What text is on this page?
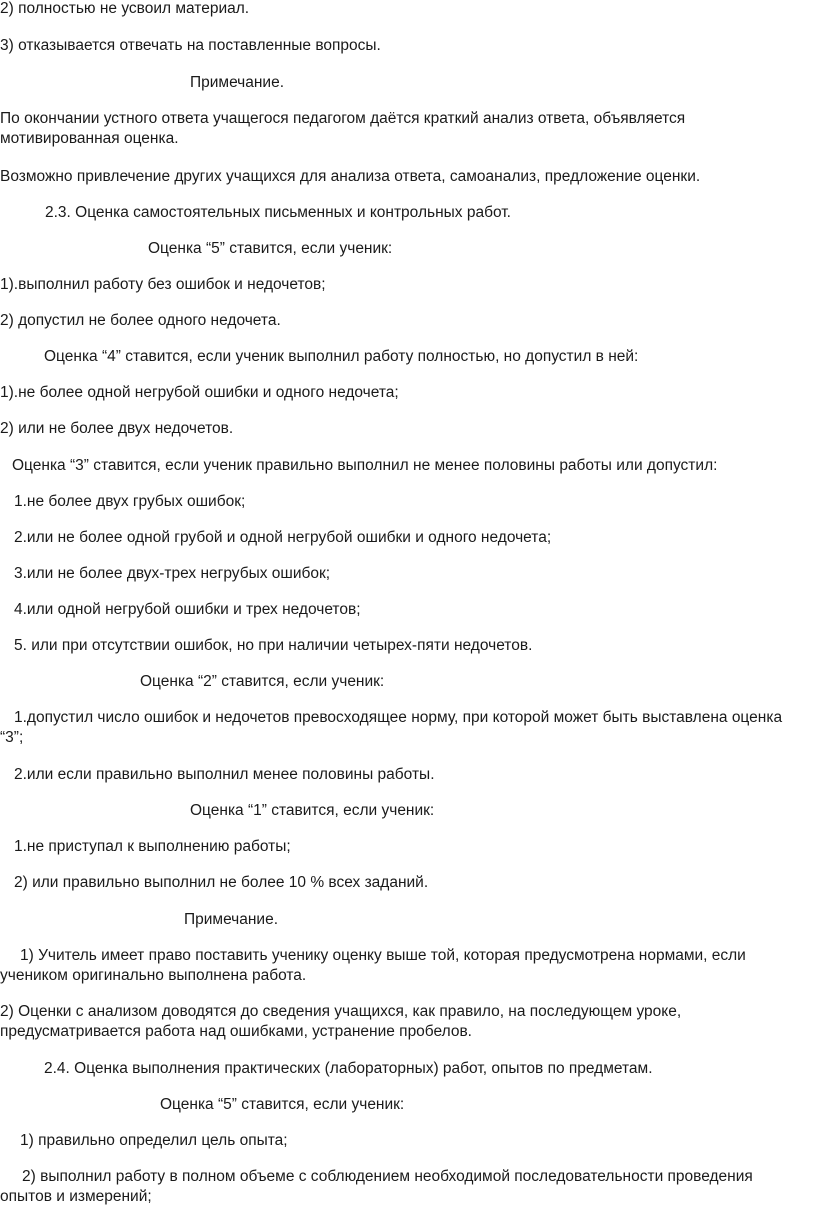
2) полностью не усвоил материал.

3) отказывается отвечать на поставленные вопросы.

Примечание.

По окончании устного ответа учащегося педагогом даётся краткий анализ ответа, объявляется мотивированная оценка.

Возможно привлечение других учащихся для анализа ответа, самоанализ, предложение оценки.

2.3. Оценка самостоятельных письменных и контрольных работ.

Оценка “5” ставится, если ученик:

1).выполнил работу без ошибок и недочетов;

2) допустил не более одного недочета.

Оценка “4” ставится, если ученик выполнил работу полностью, но допустил в ней:

1).не более одной негрубой ошибки и одного недочета;

2) или не более двух недочетов.

Оценка “3” ставится, если ученик правильно выполнил не менее половины работы или допустил:

1.не более двух грубых ошибок;

2.или не более одной грубой и одной негрубой ошибки и одного недочета;

3.или не более двух-трех негрубых ошибок;

4.или одной негрубой ошибки и трех недочетов;

5. или при отсутствии ошибок, но при наличии четырех-пяти недочетов.

Оценка “2” ставится, если ученик:

1.допустил число ошибок и недочетов превосходящее норму, при которой может быть выставлена оценка “3”;

2.или если правильно выполнил менее половины работы.

Оценка “1” ставится, если ученик:

1.не приступал к выполнению работы;

2) или правильно выполнил не более 10 % всех заданий.

Примечание.

1) Учитель имеет право поставить ученику оценку выше той, которая предусмотрена нормами, если учеником оригинально выполнена работа.

2) Оценки с анализом доводятся до сведения учащихся, как правило, на последующем уроке, предусматривается работа над ошибками, устранение пробелов.

2.4. Оценка выполнения практических (лабораторных) работ, опытов по предметам.

Оценка “5” ставится, если ученик:

1) правильно определил цель опыта;

2) выполнил работу в полном объеме с соблюдением необходимой последовательности проведения опытов и измерений;
